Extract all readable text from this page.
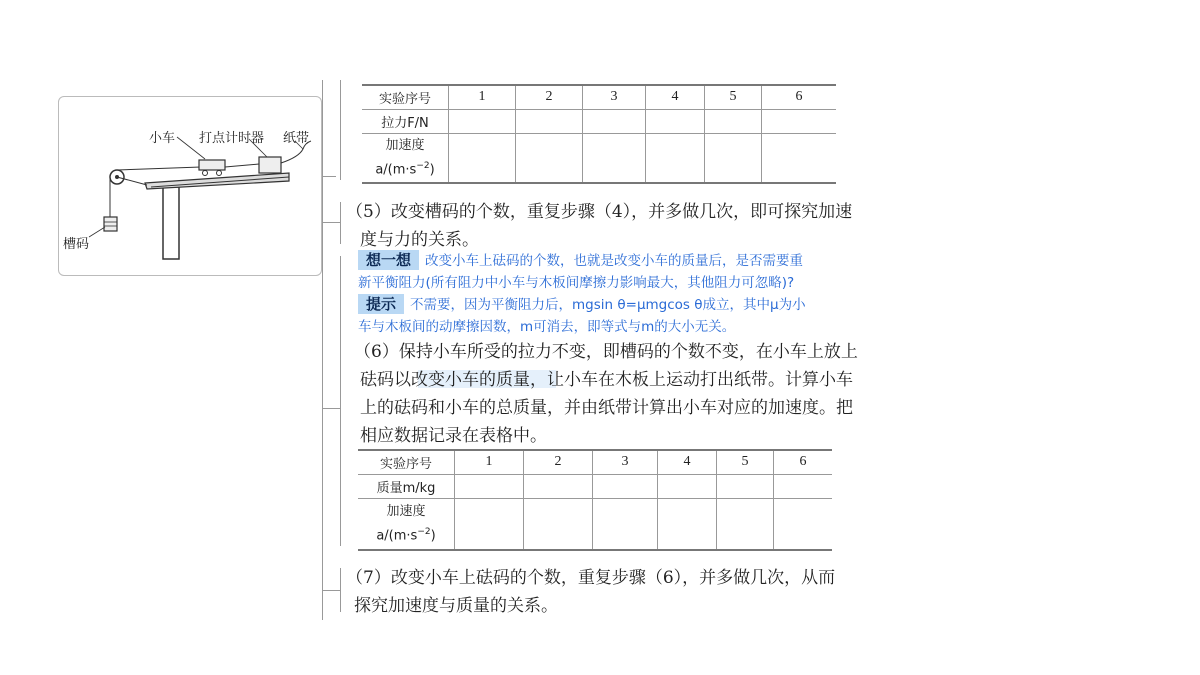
小车 打点计时器 纸带
槽码
实验序号	1	2	3	4	5	6
拉力F/N						

加速度
$a/(m\cdot s^{-2})$						

（5）改变槽码的个数，重复步骤（4），并多做几次，即可探究加速
度与力的关系。
想一想 改变小车上砝码的个数，也就是改变小车的质量后，是否需要重
新平衡阻力(所有阻力中小车与木板间摩擦力影响最大，其他阻力可忽略)?
提示 不需要，因为平衡阻力后，mgsin θ=μmgcos θ成立，其中μ为小
车与木板间的动摩擦因数，m可消去，即等式与m的大小无关。
（6）保持小车所受的拉力不变，即槽码的个数不变，在小车上放上
砝码以改变小车的质量，让小车在木板上运动打出纸带。计算小车
上的砝码和小车的总质量，并由纸带计算出小车对应的加速度。把
相应数据记录在表格中。
实验序号	1	2	3	4	5	6
质量m/kg						

加速度
$a/(m\cdot s^{-2})$						

（7）改变小车上砝码的个数，重复步骤（6），并多做几次，从而
探究加速度与质量的关系。
